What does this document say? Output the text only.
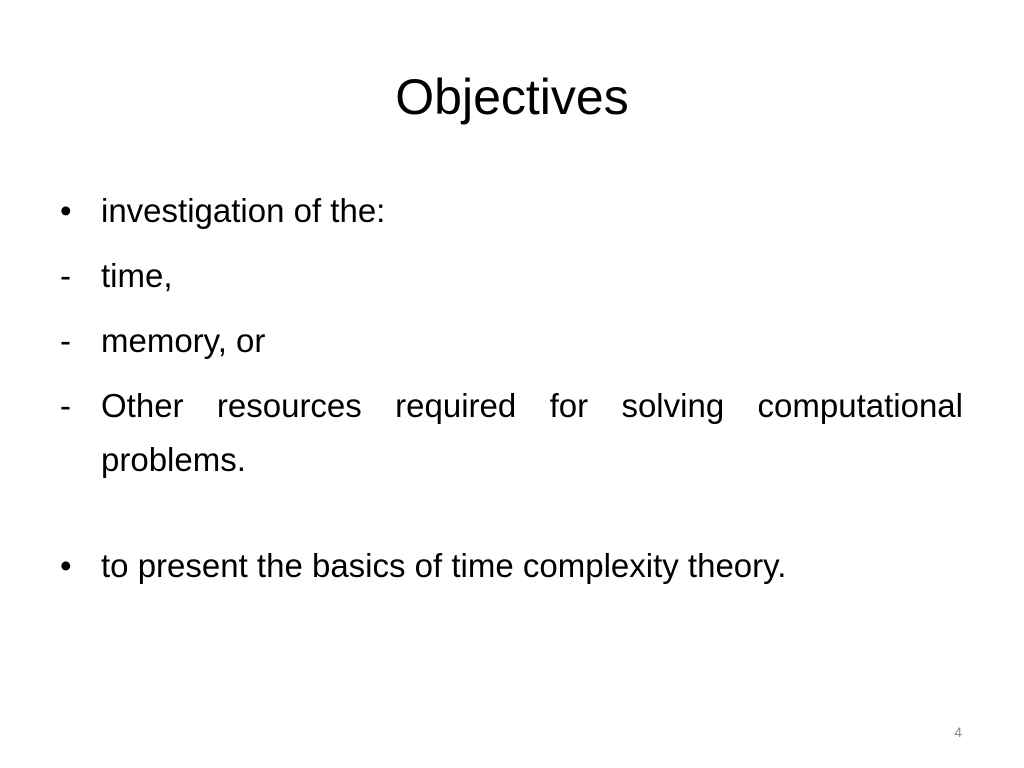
Objectives
• investigation of the:
- time,
- memory, or
- Other resources required for solving computational problems.
• to present the basics of time complexity theory.
4
